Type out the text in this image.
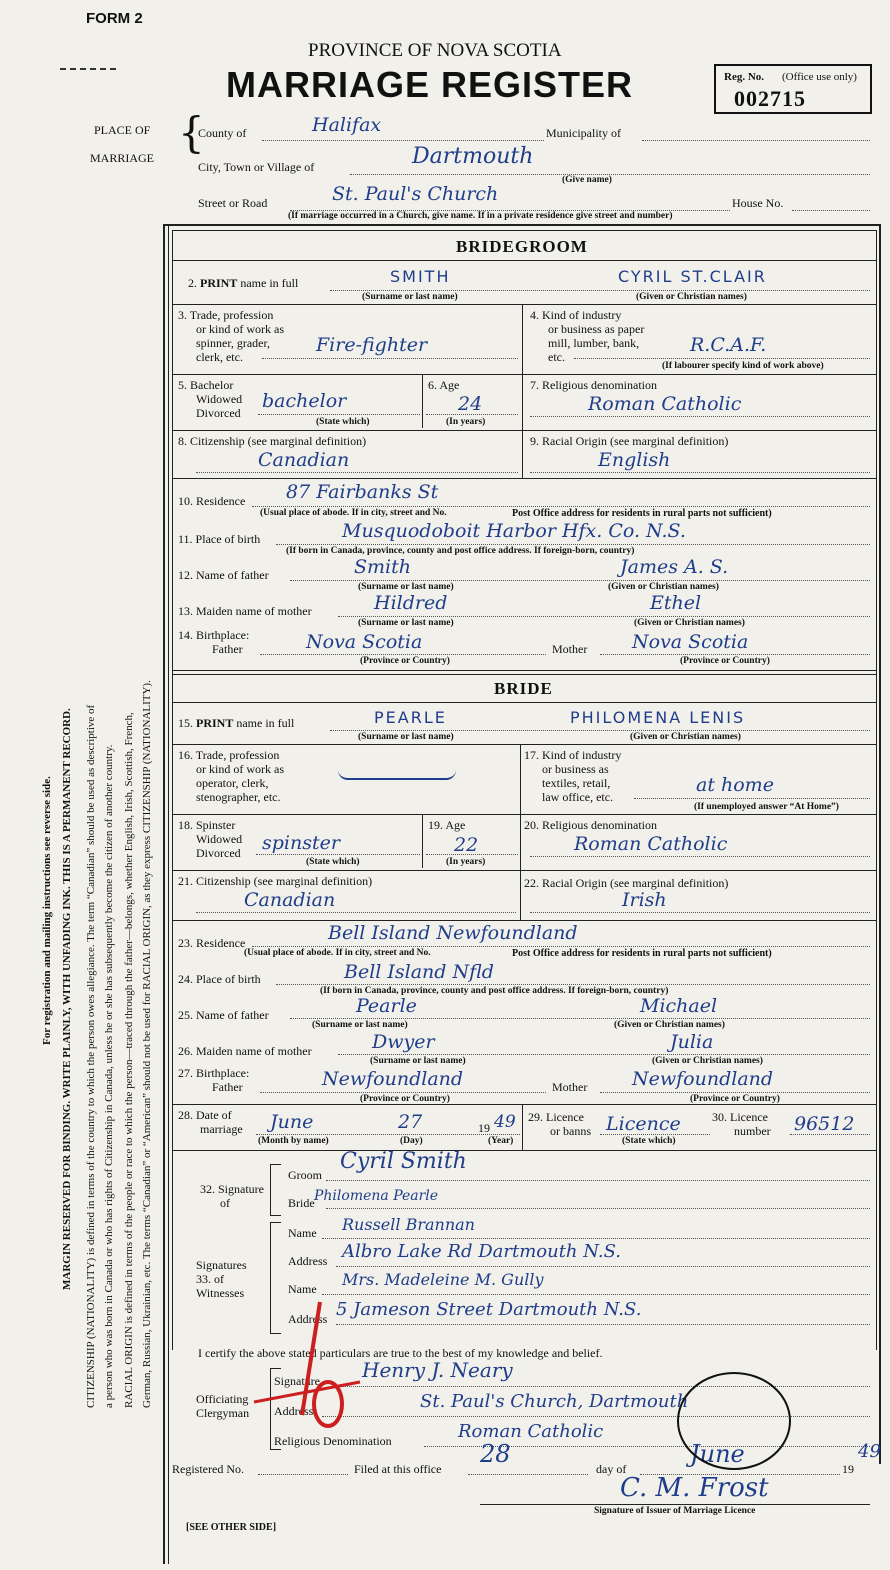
FORM 2
PROVINCE OF NOVA SCOTIA
MARRIAGE REGISTER	Reg. No. (Office use only)
002715
For registration and mailing instructions see reverse side. MARGIN RESERVED FOR BINDING. WRITE PLAINLY, WITH UNFADING INK. THIS IS A PERMANENT RECORD. CITIZENSHIP (NATIONALITY) is defined in terms of the country to which the person owes allegiance. The term “Canadian” should be used as descriptive of a person who was born in Canada or who has rights of Citizenship in Canada, unless he or she has subsequently become the citizen of another country. RACIAL ORIGIN is defined in terms of the people or race to which the person—traced through the father—belongs, whether English, Irish, Scottish, French, German, Russian, Ukrainian, etc. The terms “Canadian” or “American” should not be used for RACIAL ORIGIN, as they express CITIZENSHIP (NATIONALITY).
PLACE OF
MARRIAGE
{
County of	Halifax	Municipality of
City, Town or Village of	Dartmouth
(Give name)
Street or Road	St. Paul's Church	House No.
(If marriage occurred in a Church, give name. If in a private residence give street and number)
BRIDEGROOM
2. PRINT name in full	SMITH	CYRIL ST.CLAIR
(Surname or last name)	(Given or Christian names)
3. Trade, profession
or kind of work as
spinner, grader,
clerk, etc.
Fire-fighter
4. Kind of industry
or business as paper
mill, lumber, bank,
etc.
R.C.A.F.
(If labourer specify kind of work above)
5. Bachelor
Widowed
Divorced
bachelor
(State which)
6. Age
24
(In years)
7. Religious denomination
Roman Catholic
8. Citizenship (see marginal definition)
Canadian
9. Racial Origin (see marginal definition)
English
10. Residence 87 Fairbanks St
(Usual place of abode. If in city, street and No.	Post Office address for residents in rural parts not sufficient)
11. Place of birth	Musquodoboit Harbor Hfx. Co. N.S.
(If born in Canada, province, county and post office address. If foreign-born, country)
12. Name of father	Smith	James A. S.
(Surname or last name)	(Given or Christian names)
13. Maiden name of mother	Hildred	Ethel
(Surname or last name)	(Given or Christian names)
14. Birthplace:
Father	Nova Scotia	Mother Nova Scotia
(Province or Country)	(Province or Country)
BRIDE
15. PRINT name in full	PEARLE	PHILOMENA LENIS
(Surname or last name)	(Given or Christian names)
16. Trade, profession
or kind of work as
operator, clerk,
stenographer, etc.
17. Kind of industry
or business as
textiles, retail,
law office, etc.
at home
(If unemployed answer “At Home”)
18. Spinster
Widowed
Divorced spinster
(State which)
19. Age
22
(In years)
20. Religious denomination
Roman Catholic
21. Citizenship (see marginal definition)
Canadian
22. Racial Origin (see marginal definition)
Irish
23. Residence	Bell Island Newfoundland
(Usual place of abode. If in city, street and No.	Post Office address for residents in rural parts not sufficient)
24. Place of birth	Bell Island Nfld
(If born in Canada, province, county and post office address. If foreign-born, country)
25. Name of father	Pearle	Michael
(Surname or last name)	(Given or Christian names)
26. Maiden name of mother	Dwyer	Julia
(Surname or last name)	(Given or Christian names)
27. Birthplace:
Father	Newfoundland	Mother Newfoundland
(Province or Country)	(Province or Country)
28. Date of
marriage June	27	19 49
(Month by name)	(Day)	(Year)
29. Licence
or banns Licence
(State which)
30. Licence
number 96512
32. Signature
of
Groom
Cyril Smith
Bride Philomena Pearle
Signatures
33. of
Witnesses
Name Russell Brannan
Address Albro Lake Rd Dartmouth N.S.
Name Mrs. Madeleine M. Gully
Address 5 Jameson Street Dartmouth N.S.
I certify the above stated particulars are true to the best of my knowledge and belief.
Officiating
Clergyman
Signature Henry J. Neary
Address	St. Paul's Church, Dartmouth
Religious Denomination	Roman Catholic
Registered No.	Filed at this office
28
day of
June
19
49
C. M. Frost
Signature of Issuer of Marriage Licence
[SEE OTHER SIDE]
